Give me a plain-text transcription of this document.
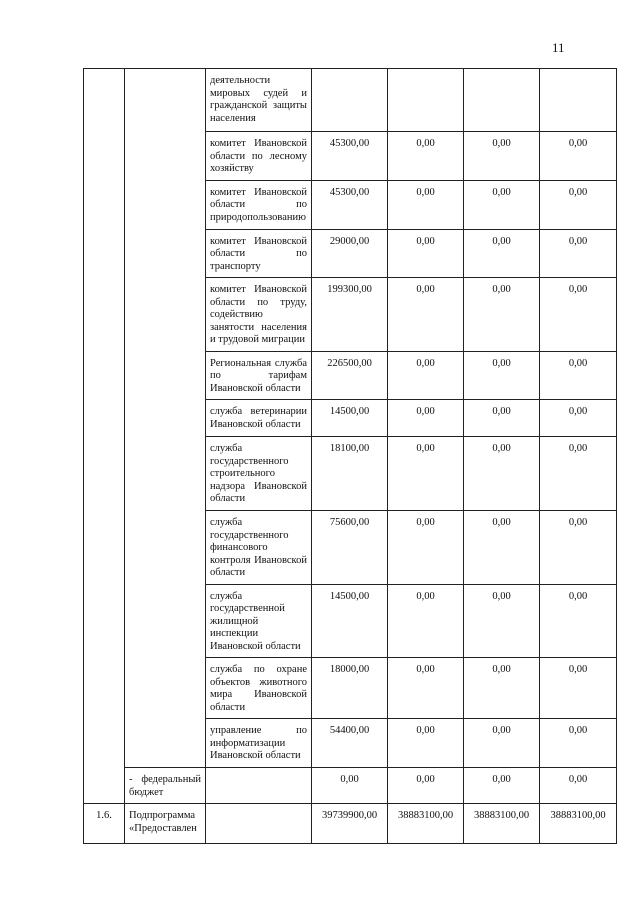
11
		деятельности мировых судей и гражданской защиты населения				
		комитет Ивановской области по лесному хозяйству	45300,00	0,00	0,00	0,00
		комитет Ивановской области по природопользованию	45300,00	0,00	0,00	0,00
		комитет Ивановской области по транспорту	29000,00	0,00	0,00	0,00
		комитет Ивановской области по труду, содействию занятости населения и трудовой миграции	199300,00	0,00	0,00	0,00
		Региональная служба по тарифам Ивановской области	226500,00	0,00	0,00	0,00
		служба ветеринарии Ивановской области	14500,00	0,00	0,00	0,00
		служба государственного строительного надзора Ивановской области	18100,00	0,00	0,00	0,00
		служба государственного финансового контроля Ивановской области	75600,00	0,00	0,00	0,00
		служба государственной жилищной инспекции Ивановской области	14500,00	0,00	0,00	0,00
		служба по охране объектов животного мира Ивановской области	18000,00	0,00	0,00	0,00
		управление по информатизации Ивановской области	54400,00	0,00	0,00	0,00
	- федеральный бюджет		0,00	0,00	0,00	0,00
1.6.	Подпрограмма «Предоставлен		39739900,00	38883100,00	38883100,00	38883100,00
